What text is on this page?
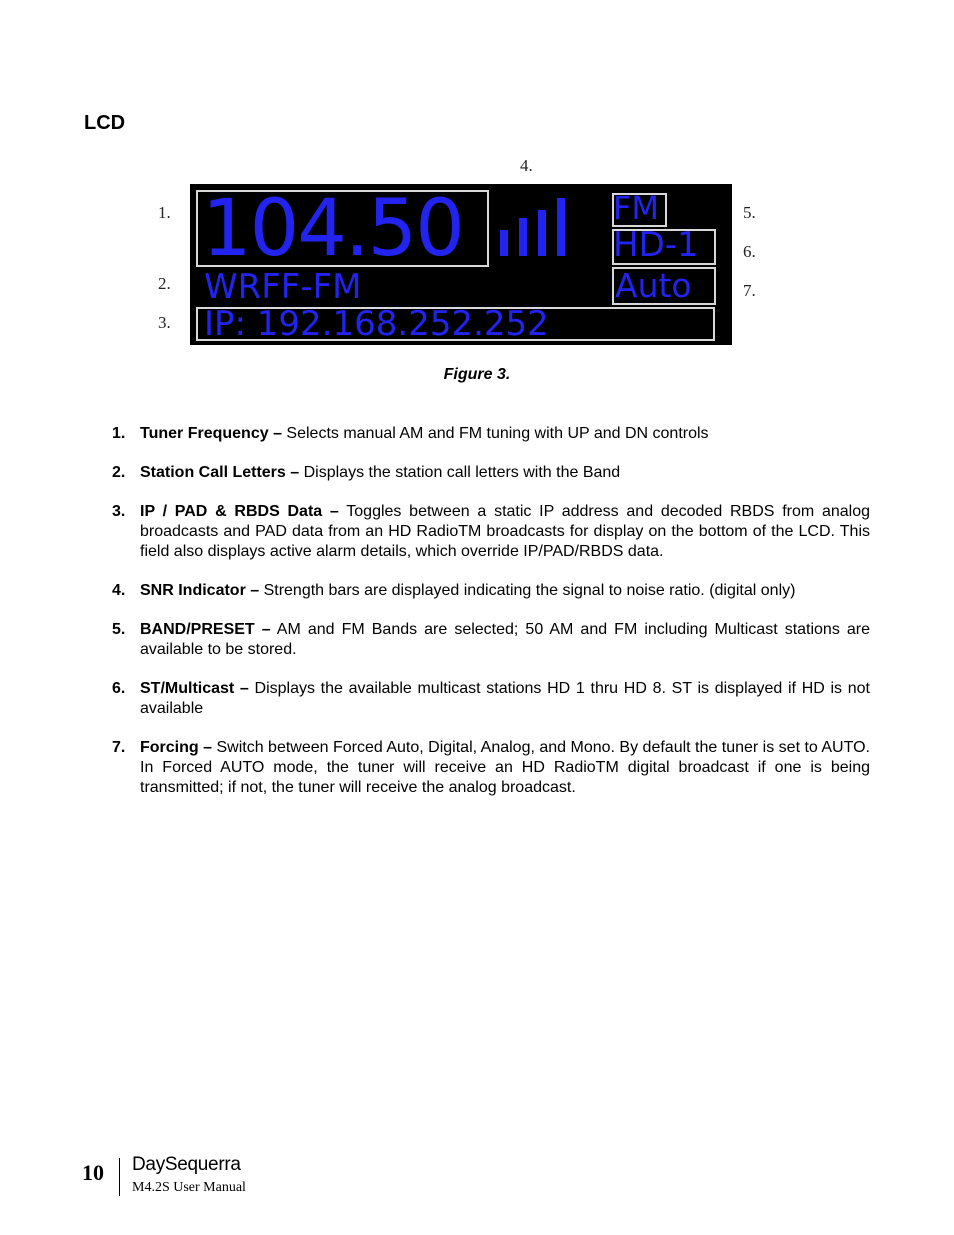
LCD
4.
1.
2.
3.
5.
6.
7.
104.50	FM
HD-1
WRFF-FM	Auto
IP: 192.168.252.252
Figure 3.
1. Tuner Frequency – Selects manual AM and FM tuning with UP and DN controls
2. Station Call Letters – Displays the station call letters with the Band
3. IP / PAD & RBDS Data – Toggles between a static IP address and decoded RBDS from analog broadcasts and PAD data from an HD RadioTM broadcasts for display on the bottom of the LCD. This field also displays active alarm details, which override IP/PAD/RBDS data.
4. SNR Indicator – Strength bars are displayed indicating the signal to noise ratio. (digital only)
5. BAND/PRESET – AM and FM Bands are selected; 50 AM and FM including Multicast stations are available to be stored.
6. ST/Multicast – Displays the available multicast stations HD 1 thru HD 8. ST is displayed if HD is not available
7. Forcing – Switch between Forced Auto, Digital, Analog, and Mono. By default the tuner is set to AUTO. In Forced AUTO mode, the tuner will receive an HD RadioTM digital broadcast if one is being transmitted; if not, the tuner will receive the analog broadcast.
10 DaySequerra
M4.2S User Manual
